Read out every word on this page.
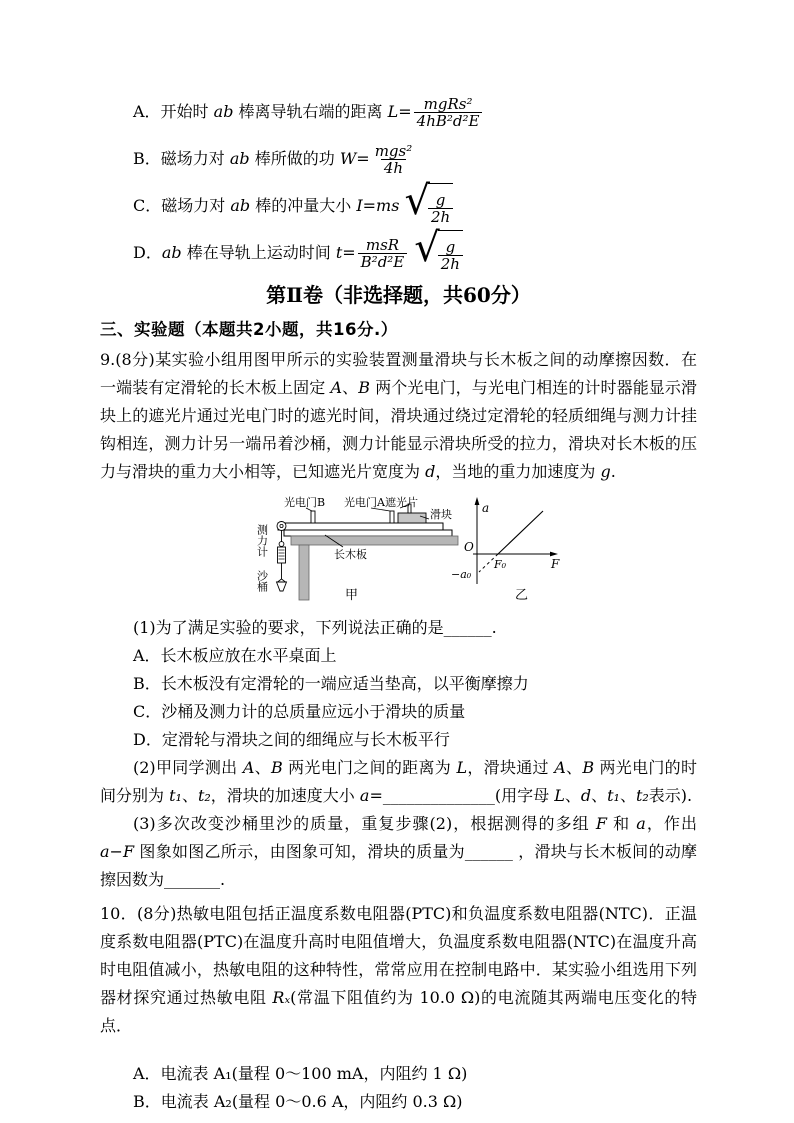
A．开始时 ab 棒离导轨右端的距离 $L= \frac{\text{mgRs²}}{\text{4hB²d²E}}$
B．磁场力对 ab 棒所做的功 $W= \frac{\text{mgs²}}{4h}$
C．磁场力对 ab 棒的冲量大小 I=ms √
$\frac{g}{2h}$
D．ab 棒在导轨上运动时间 $t= \frac{\text{msR}}{\text{B²d²E}}$ √
$\frac{g}{2h}$
第Ⅱ卷（非选择题，共60分）
三、实验题（本题共2小题，共16分.）

9.(8分)某实验小组用图甲所示的实验装置测量滑块与长木板之间的动摩擦因数．在一端装有定滑轮的长木板上固定 A、B 两个光电门，与光电门相连的计时器能显示滑块上的遮光片通过光电门时的遮光时间，滑块通过绕过定滑轮的轻质细绳与测力计挂钩相连，测力计另一端吊着沙桶，测力计能显示滑块所受的拉力，滑块对长木板的压力与滑块的重力大小相等，已知遮光片宽度为 d，当地的重力加速度为 g.

光电门B 光电门A 遮光片
滑块
长木板
测力计
沙桶
甲
a
F
O
F₀
−a₀
乙
(1)为了满足实验的要求，下列说法正确的是______.
A．长木板应放在水平桌面上
B．长木板没有定滑轮的一端应适当垫高，以平衡摩擦力
C．沙桶及测力计的总质量应远小于滑块的质量
D．定滑轮与滑块之间的细绳应与长木板平行

(2)甲同学测出 A、B 两光电门之间的距离为 L，滑块通过 A、B 两光电门的时间分别为 t₁、t₂，滑块的加速度大小 a=______________(用字母 L、d、t₁、t₂表示).

(3)多次改变沙桶里沙的质量，重复步骤(2)，根据测得的多组 F 和 a，作出 a−F 图象如图乙所示，由图象可知，滑块的质量为______ ，滑块与长木板间的动摩擦因数为_______.

10．(8分)热敏电阻包括正温度系数电阻器(PTC)和负温度系数电阻器(NTC)．正温度系数电阻器(PTC)在温度升高时电阻值增大，负温度系数电阻器(NTC)在温度升高时电阻值减小，热敏电阻的这种特性，常常应用在控制电路中．某实验小组选用下列器材探究通过热敏电阻 Rₓ(常温下阻值约为 10.0 Ω)的电流随其两端电压变化的特点．

A．电流表 A₁(量程 0～100 mA，内阻约 1 Ω)
B．电流表 A₂(量程 0～0.6 A，内阻约 0.3 Ω)
